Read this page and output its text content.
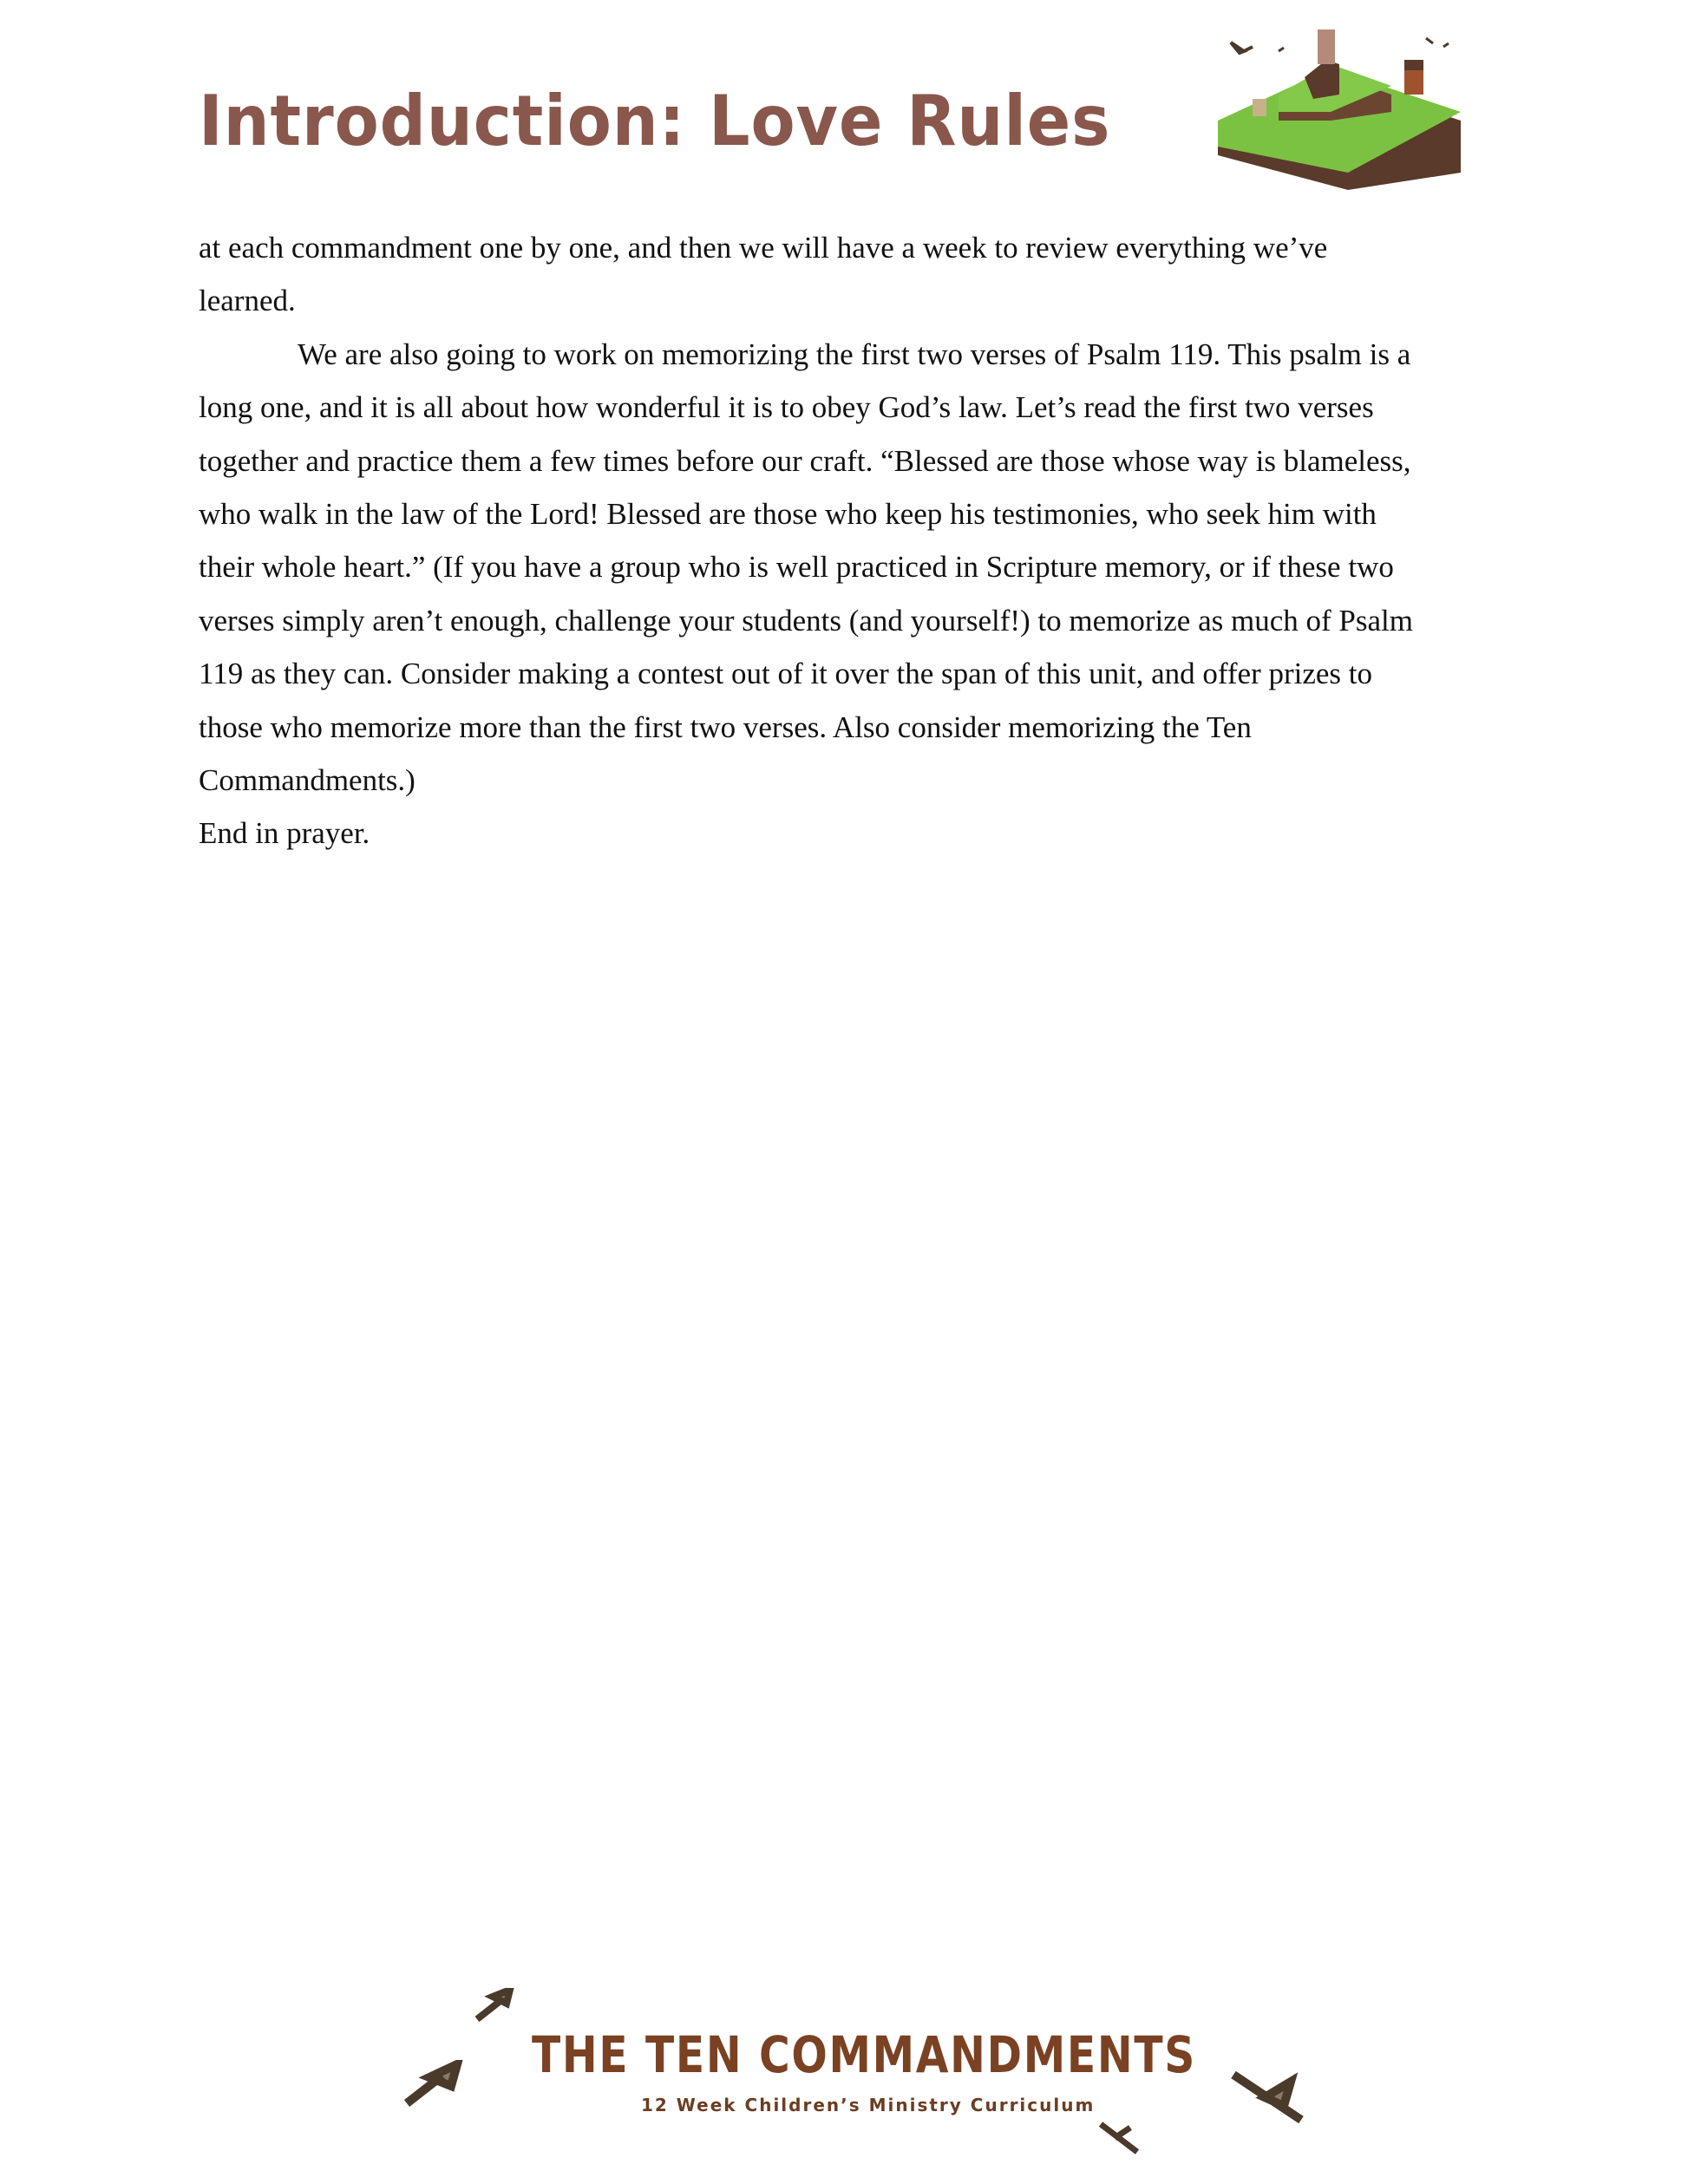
Introduction: Love Rules
at each commandment one by one, and then we will have a week to review everything we’ve
learned.
We are also going to work on memorizing the first two verses of Psalm 119. This psalm is a
long one, and it is all about how wonderful it is to obey God’s law. Let’s read the first two verses
together and practice them a few times before our craft. “Blessed are those whose way is blameless,
who walk in the law of the Lord! Blessed are those who keep his testimonies, who seek him with
their whole heart.” (If you have a group who is well practiced in Scripture memory, or if these two
verses simply aren’t enough, challenge your students (and yourself!) to memorize as much of Psalm
119 as they can. Consider making a contest out of it over the span of this unit, and offer prizes to
those who memorize more than the first two verses. Also consider memorizing the Ten
Commandments.)
End in prayer.
THE TEN COMMANDMENTS
12 Week Children’s Ministry Curriculum
